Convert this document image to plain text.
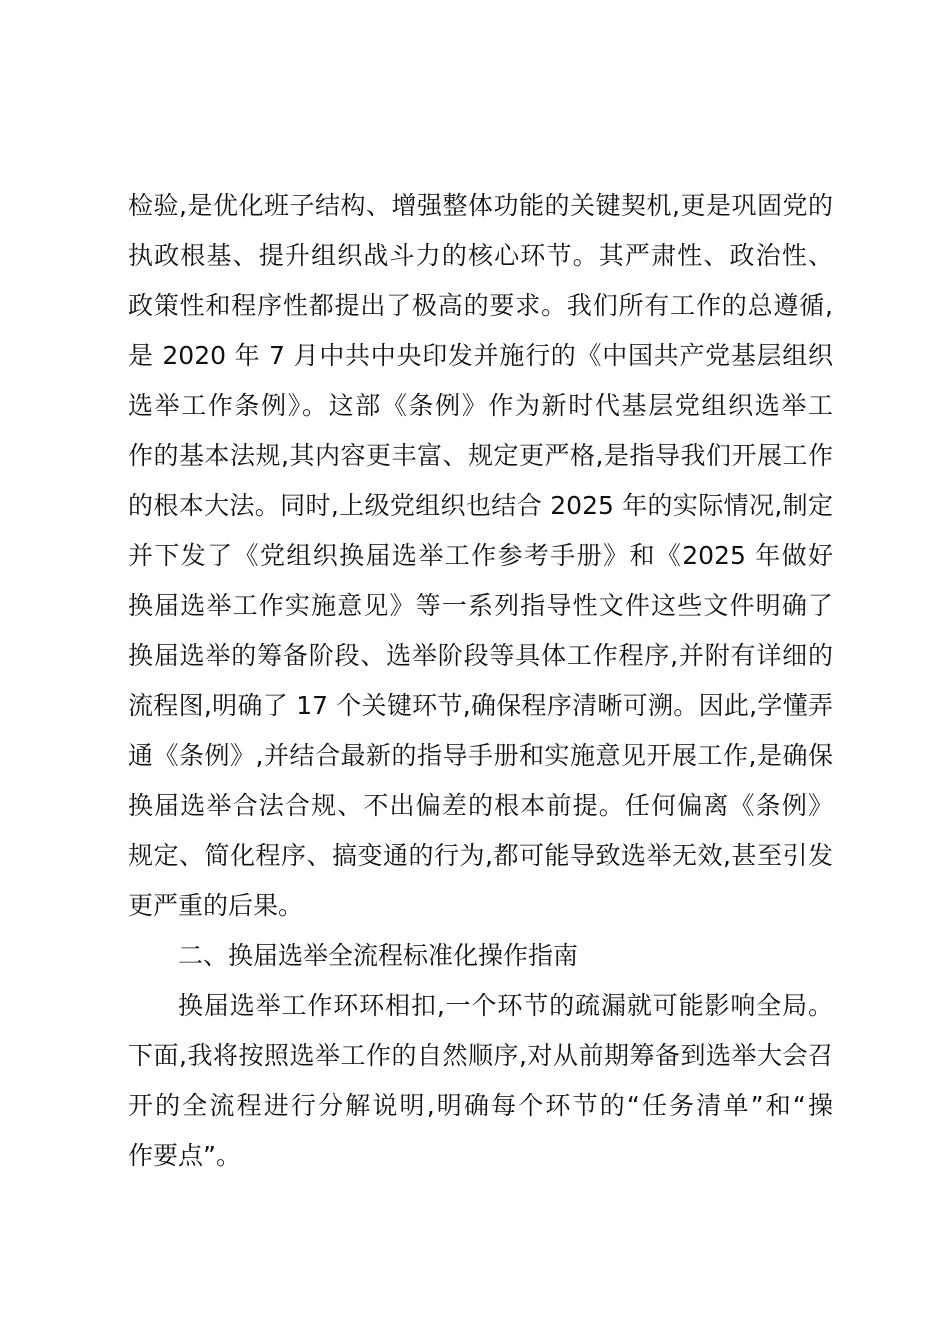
检验,是优化班子结构、增强整体功能的关键契机,更是巩固党的
执政根基、提升组织战斗力的核心环节。其严肃性、政治性、
政策性和程序性都提出了极高的要求。我们所有工作的总遵循,
是 2020 年 7 月中共中央印发并施行的《中国共产党基层组织
选举工作条例》。这部《条例》作为新时代基层党组织选举工
作的基本法规,其内容更丰富、规定更严格,是指导我们开展工作
的根本大法。同时,上级党组织也结合 2025 年的实际情况,制定
并下发了《党组织换届选举工作参考手册》和《2025 年做好
换届选举工作实施意见》等一系列指导性文件这些文件明确了
换届选举的筹备阶段、选举阶段等具体工作程序,并附有详细的
流程图,明确了 17 个关键环节,确保程序清晰可溯。因此,学懂弄
通《条例》,并结合最新的指导手册和实施意见开展工作,是确保
换届选举合法合规、不出偏差的根本前提。任何偏离《条例》
规定、简化程序、搞变通的行为,都可能导致选举无效,甚至引发
更严重的后果。
二、换届选举全流程标准化操作指南
换届选举工作环环相扣,一个环节的疏漏就可能影响全局。
下面,我将按照选举工作的自然顺序,对从前期筹备到选举大会召
开的全流程进行分解说明,明确每个环节的“任务清单”和“操
作要点”。
